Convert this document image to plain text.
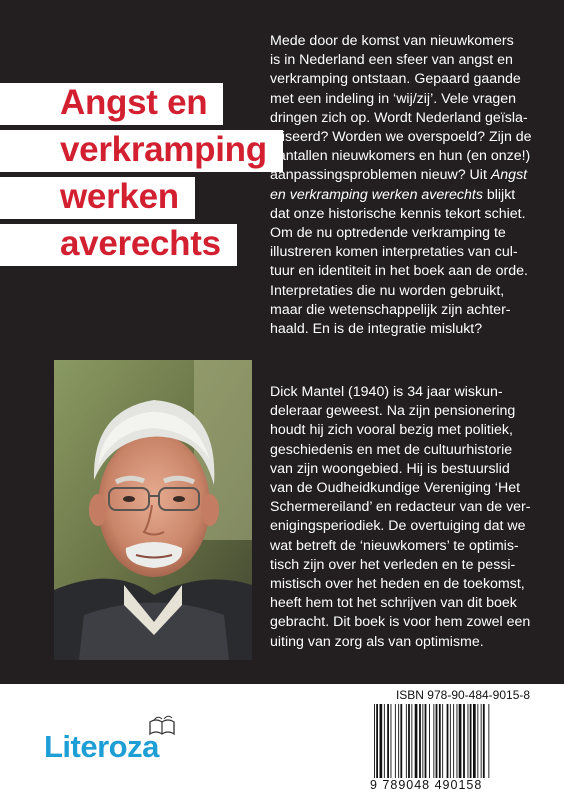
Angst en
verkramping
werken
averechts
Mede door de komst van nieuwkomers
is in Nederland een sfeer van angst en
verkramping ontstaan. Gepaard gaande
met een indeling in ‘wij/zij’. Vele vragen
dringen zich op. Wordt Nederland geïsla-
miseerd? Worden we overspoeld? Zijn de
aantallen nieuwkomers en hun (en onze!)
aanpassingsproblemen nieuw? Uit Angst
en verkramping werken averechts blijkt
dat onze historische kennis tekort schiet.
Om de nu optredende verkramping te
illustreren komen interpretaties van cul-
tuur en identiteit in het boek aan de orde.
Interpretaties die nu worden gebruikt,
maar die wetenschappelijk zijn achter-
haald. En is de integratie mislukt?
Dick Mantel (1940) is 34 jaar wiskun-
deleraar geweest. Na zijn pensionering
houdt hij zich vooral bezig met politiek,
geschiedenis en met de cultuurhistorie
van zijn woongebied. Hij is bestuurslid
van de Oudheidkundige Vereniging ‘Het
Schermereiland’ en redacteur van de ver-
enigingsperiodiek. De overtuiging dat we
wat betreft de ‘nieuwkomers’ te optimis-
tisch zijn over het verleden en te pessi-
mistisch over het heden en de toekomst,
heeft hem tot het schrijven van dit boek
gebracht. Dit boek is voor hem zowel een
uiting van zorg als van optimisme.
Literoza
ISBN 978-90-484-9015-8
9 789048 490158
